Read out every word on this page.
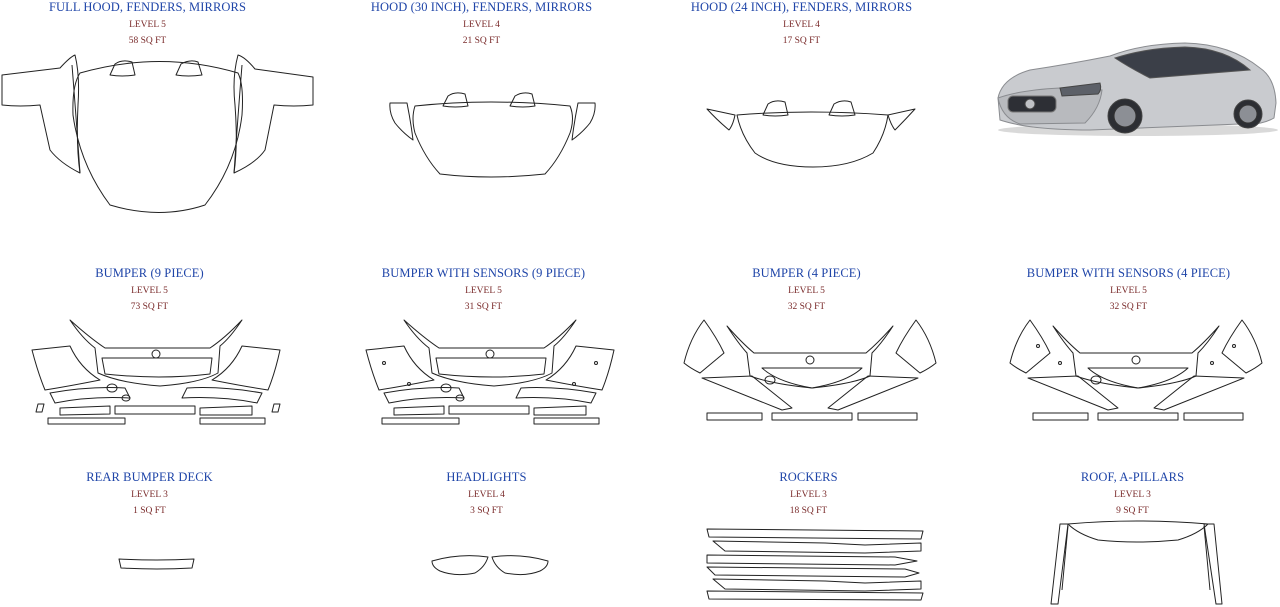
FULL HOOD, FENDERS, MIRRORS
LEVEL 5
58 SQ FT
HOOD (30 INCH), FENDERS, MIRRORS
LEVEL 4
21 SQ FT
HOOD (24 INCH), FENDERS, MIRRORS
LEVEL 4
17 SQ FT
BUMPER (9 PIECE)
LEVEL 5
73 SQ FT
BUMPER WITH SENSORS (9 PIECE)
LEVEL 5
31 SQ FT
BUMPER (4 PIECE)
LEVEL 5
32 SQ FT
BUMPER WITH SENSORS (4 PIECE)
LEVEL 5
32 SQ FT
REAR BUMPER DECK
LEVEL 3
1 SQ FT
HEADLIGHTS
LEVEL 4
3 SQ FT
ROCKERS
LEVEL 3
18 SQ FT
ROOF, A-PILLARS
LEVEL 3
9 SQ FT
